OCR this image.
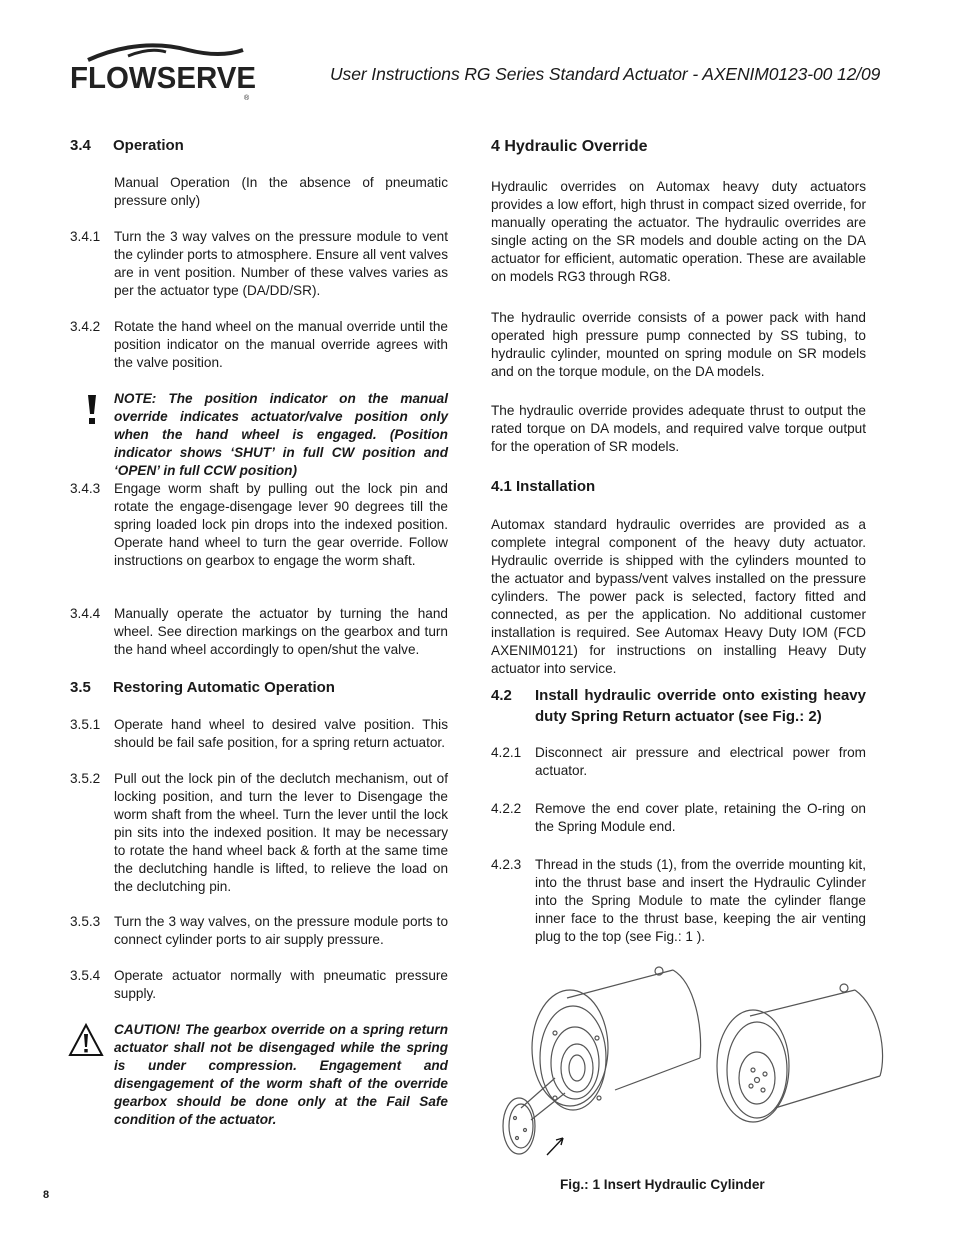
FLOWSERVE
®
User Instructions RG Series Standard Actuator - AXENIM0123-00 12/09
3.4 Operation
Manual Operation (In the absence of pneumatic pressure only)
3.4.1 Turn the 3 way valves on the pressure module to vent the cylinder ports to atmosphere. Ensure all vent valves are in vent position. Number of these valves varies as per the actuator type (DA/DD/SR).
3.4.2 Rotate the hand wheel on the manual override until the position indicator on the manual override agrees with the valve position.
NOTE: The position indicator on the manual override indicates actuator/valve position only when the hand wheel is engaged. (Position indicator shows ‘SHUT’ in full CW position and ‘OPEN’ in full CCW position)
3.4.3 Engage worm shaft by pulling out the lock pin and rotate the engage-disengage lever 90 degrees till the spring loaded lock pin drops into the indexed position. Operate hand wheel to turn the gear override. Follow instructions on gearbox to engage the worm shaft.
3.4.4 Manually operate the actuator by turning the hand wheel. See direction markings on the gearbox and turn the hand wheel accordingly to open/shut the valve.
3.5 Restoring Automatic Operation
3.5.1 Operate hand wheel to desired valve position. This should be fail safe position, for a spring return actuator.
3.5.2 Pull out the lock pin of the declutch mechanism, out of locking position, and turn the lever to Disengage the worm shaft from the wheel. Turn the lever until the lock pin sits into the indexed position. It may be necessary to rotate the hand wheel back & forth at the same time the declutching handle is lifted, to relieve the load on the declutching pin.
3.5.3 Turn the 3 way valves, on the pressure module ports to connect cylinder ports to air supply pressure.
3.5.4 Operate actuator normally with pneumatic pressure supply.
CAUTION! The gearbox override on a spring return actuator shall not be disengaged while the spring is under compression. Engagement and disengagement of the worm shaft of the override gearbox should be done only at the Fail Safe condition of the actuator.
4 Hydraulic Override
Hydraulic overrides on Automax heavy duty actuators provides a low effort, high thrust in compact sized override, for manually operating the actuator. The hydraulic overrides are single acting on the SR models and double acting on the DA actuator for efficient, automatic operation. These are available on models RG3 through RG8.
The hydraulic override consists of a power pack with hand operated high pressure pump connected by SS tubing, to hydraulic cylinder, mounted on spring module on SR models and on the torque module, on the DA models.
The hydraulic override provides adequate thrust to output the rated torque on DA models, and required valve torque output for the operation of SR models.
4.1 Installation
Automax standard hydraulic overrides are provided as a complete integral component of the heavy duty actuator. Hydraulic override is shipped with the cylinders mounted to the actuator and bypass/vent valves installed on the pressure cylinders. The power pack is selected, factory fitted and connected, as per the application. No additional customer installation is required. See Automax Heavy Duty IOM (FCD AXENIM0121) for instructions on installing Heavy Duty actuator into service.
4.2 Install hydraulic override onto existing heavy duty Spring Return actuator (see Fig.: 2)
4.2.1 Disconnect air pressure and electrical power from actuator.
4.2.2 Remove the end cover plate, retaining the O-ring on the Spring Module end.
4.2.3 Thread in the studs (1), from the override mounting kit, into the thrust base and insert the Hydraulic Cylinder into the Spring Module to mate the cylinder flange inner face to the thrust base, keeping the air venting plug to the top (see Fig.: 1 ).
Fig.: 1 Insert Hydraulic Cylinder
8
